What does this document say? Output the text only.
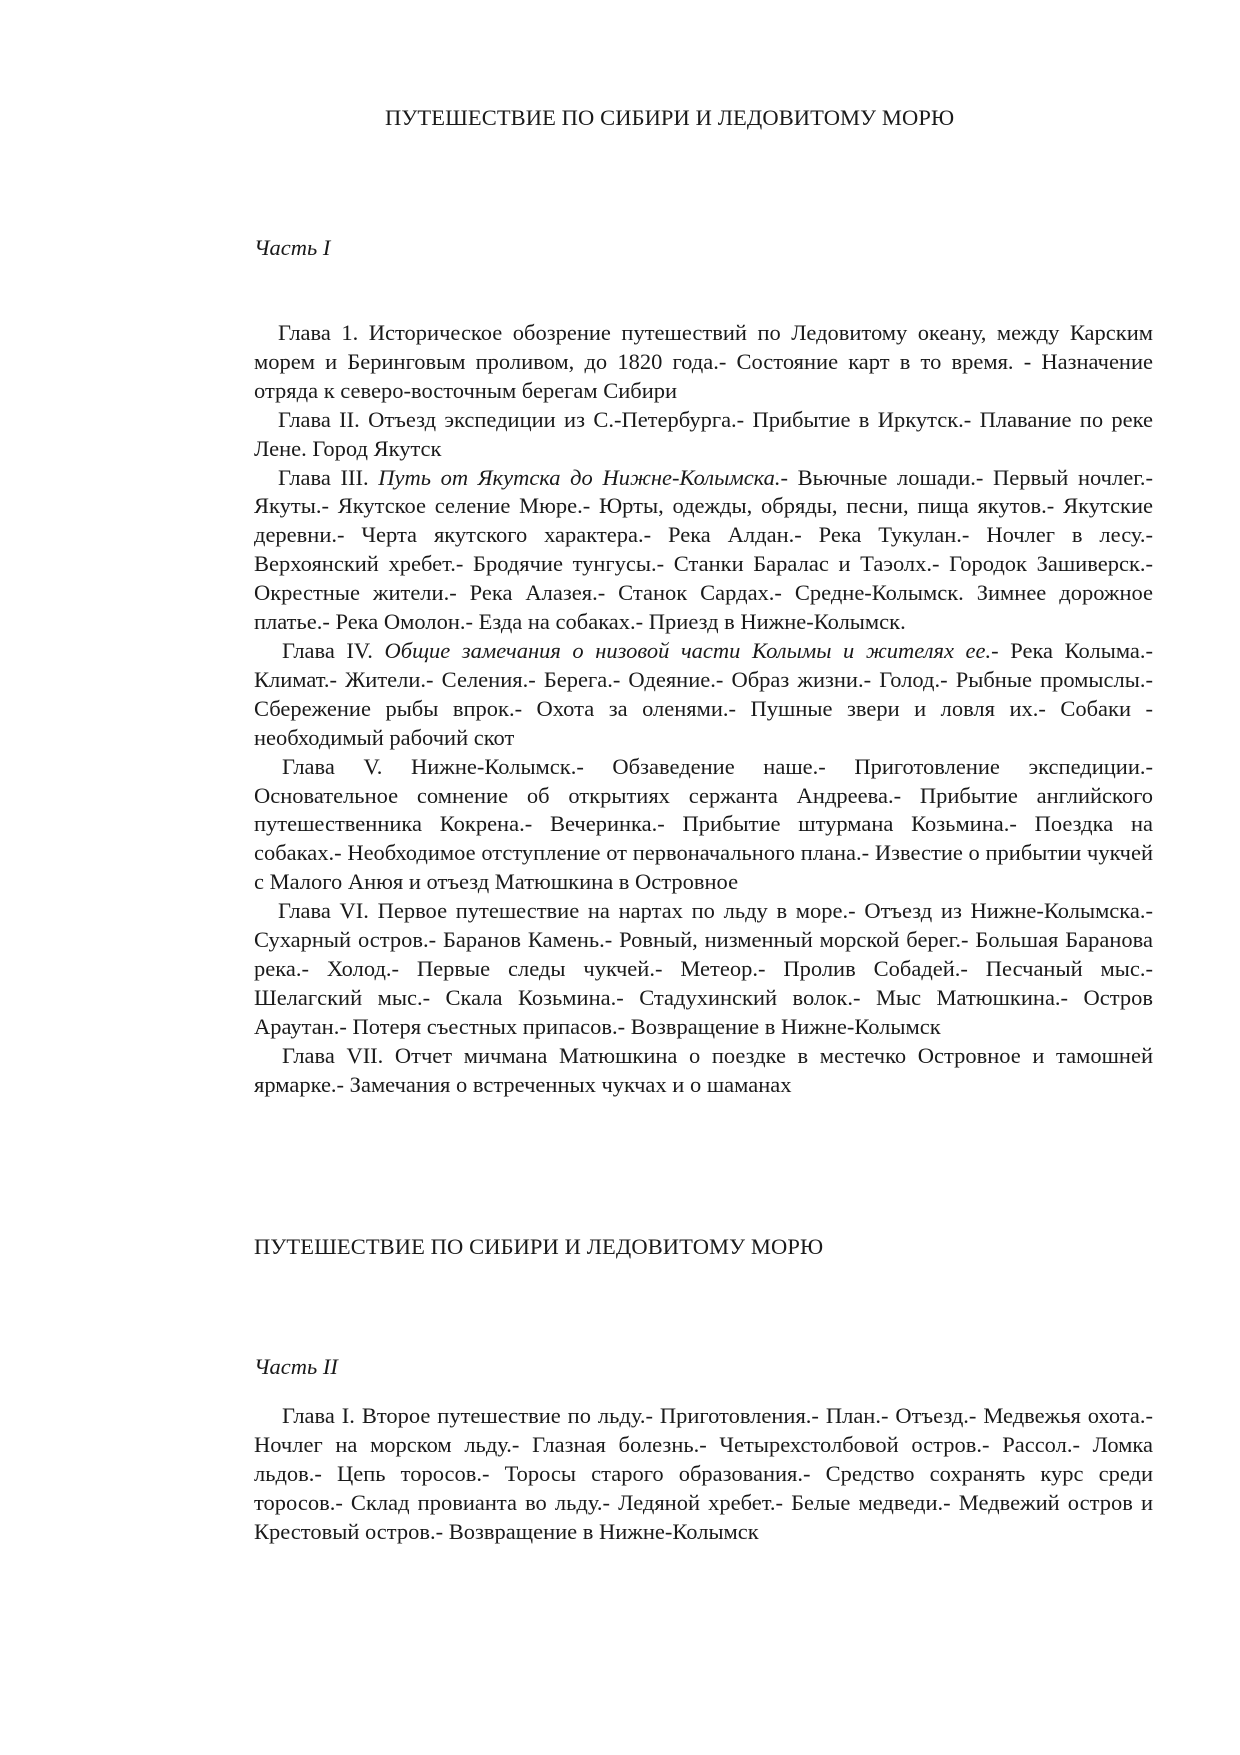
ПУТЕШЕСТВИЕ ПО СИБИРИ И ЛЕДОВИТОМУ МОРЮ
Часть I

Глава 1. Историческое обозрение путешествий по Ледовитому океану, между Карским морем и Беринговым проливом, до 1820 года.- Состояние карт в то время. - Назначение отряда к северо-восточным берегам Сибири

Глава II. Отъезд экспедиции из С.-Петербурга.- Прибытие в Иркутск.- Плавание по реке Лене. Город Якутск

Глава III. Путь от Якутска до Нижне-Колымска.- Вьючные лошади.- Первый ночлег.- Якуты.- Якутское селение Мюре.- Юрты, одежды, обряды, песни, пища якутов.- Якутские деревни.- Черта якутского характера.- Река Алдан.- Река Тукулан.- Ночлег в лесу.- Верхоянский хребет.- Бродячие тунгусы.- Станки Баралас и Таэолх.- Городок Зашиверск.- Окрестные жители.- Река Алазея.- Станок Сардах.- Средне-Колымск. Зимнее дорожное платье.- Река Омолон.- Езда на собаках.- Приезд в Нижне-Колымск.

Глава IV. Общие замечания о низовой части Колымы и жителях ее.- Река Колыма.- Климат.- Жители.- Селения.- Берега.- Одеяние.- Образ жизни.- Голод.- Рыбные промыслы.- Сбережение рыбы впрок.- Охота за оленями.- Пушные звери и ловля их.- Собаки - необходимый рабочий скот

Глава V. Нижне-Колымск.- Обзаведение наше.- Приготовление экспедиции.- Основательное сомнение об открытиях сержанта Андреева.- Прибытие английского путешественника Кокрена.- Вечеринка.- Прибытие штурмана Козьмина.- Поездка на собаках.- Необходимое отступление от первоначального плана.- Известие о прибытии чукчей с Малого Анюя и отъезд Матюшкина в Островное

Глава VI. Первое путешествие на нартах по льду в море.- Отъезд из Нижне-Колымска.- Сухарный остров.- Баранов Камень.- Ровный, низменный морской берег.- Большая Баранова река.- Холод.- Первые следы чукчей.- Метеор.- Пролив Собадей.- Песчаный мыс.- Шелагский мыс.- Скала Козьмина.- Стадухинский волок.- Мыс Матюшкина.- Остров Араутан.- Потеря съестных припасов.- Возвращение в Нижне-Колымск

Глава VII. Отчет мичмана Матюшкина о поездке в местечко Островное и тамошней ярмарке.- Замечания о встреченных чукчах и о шаманах

ПУТЕШЕСТВИЕ ПО СИБИРИ И ЛЕДОВИТОМУ МОРЮ
Часть II

Глава I. Второе путешествие по льду.- Приготовления.- План.- Отъезд.- Медвежья охота.- Ночлег на морском льду.- Глазная болезнь.- Четырехстолбовой остров.- Рассол.- Ломка льдов.- Цепь торосов.- Торосы старого образования.- Средство сохранять курс среди торосов.- Склад провианта во льду.- Ледяной хребет.- Белые медведи.- Медвежий остров и Крестовый остров.- Возвращение в Нижне-Колымск
